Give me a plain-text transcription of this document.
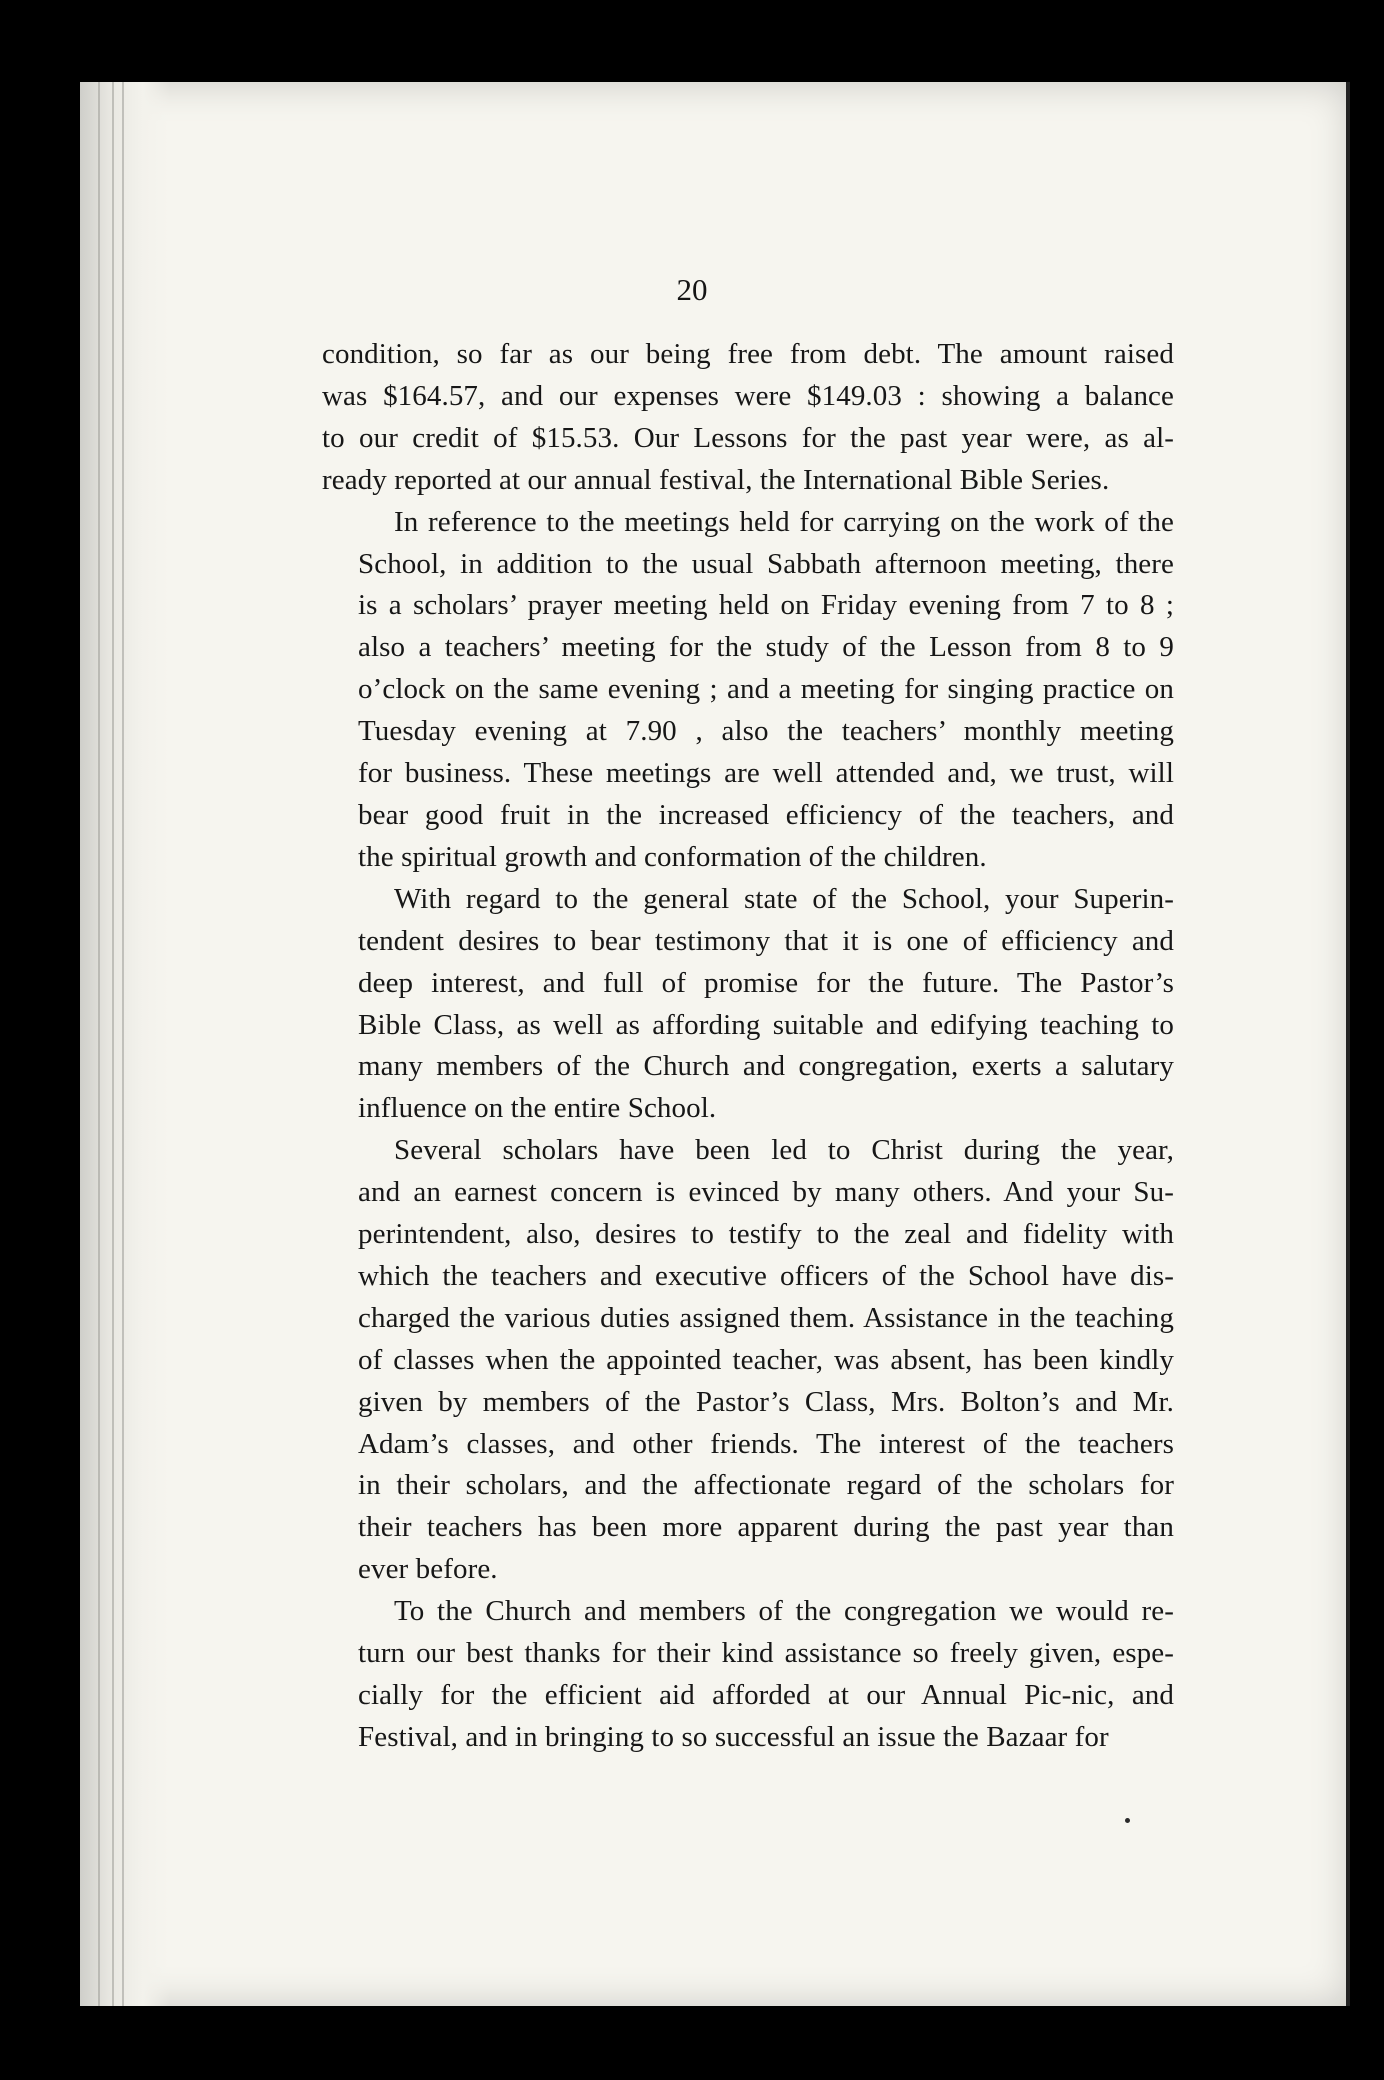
20
condition, so far as our being free from debt. The amount raised
was $164.57, and our expenses were $149.03 : showing a balance
to our credit of $15.53. Our Lessons for the past year were, as al-
ready reported at our annual festival, the International Bible Series.
In reference to the meetings held for carrying on the work of the
School, in addition to the usual Sabbath afternoon meeting, there
is a scholars’ prayer meeting held on Friday evening from 7 to 8 ;
also a teachers’ meeting for the study of the Lesson from 8 to 9
o’clock on the same evening ; and a meeting for singing practice on
Tuesday evening at 7.90 , also the teachers’ monthly meeting
for business. These meetings are well attended and, we trust, will
bear good fruit in the increased efficiency of the teachers, and
the spiritual growth and conformation of the children.
With regard to the general state of the School, your Superin-
tendent desires to bear testimony that it is one of efficiency and
deep interest, and full of promise for the future. The Pastor’s
Bible Class, as well as affording suitable and edifying teaching to
many members of the Church and congregation, exerts a salutary
influence on the entire School.
Several scholars have been led to Christ during the year,
and an earnest concern is evinced by many others. And your Su-
perintendent, also, desires to testify to the zeal and fidelity with
which the teachers and executive officers of the School have dis-
charged the various duties assigned them. Assistance in the teaching
of classes when the appointed teacher, was absent, has been kindly
given by members of the Pastor’s Class, Mrs. Bolton’s and Mr.
Adam’s classes, and other friends. The interest of the teachers
in their scholars, and the affectionate regard of the scholars for
their teachers has been more apparent during the past year than
ever before.
To the Church and members of the congregation we would re-
turn our best thanks for their kind assistance so freely given, espe-
cially for the efficient aid afforded at our Annual Pic-nic, and
Festival, and in bringing to so successful an issue the Bazaar for
